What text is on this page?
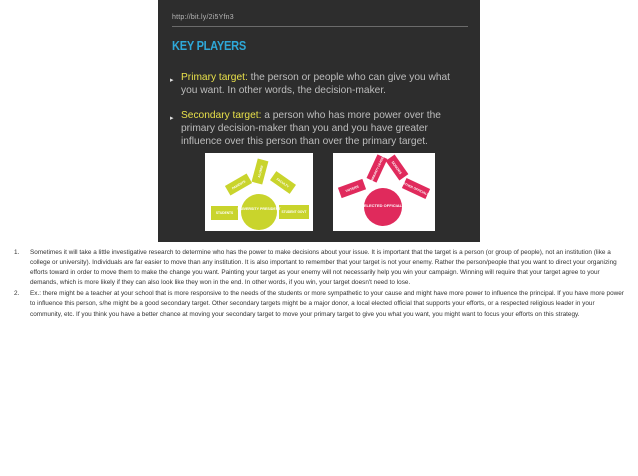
http://bit.ly/2i5Yfn3
KEY PLAYERS
▸ Primary target: the person or people who can give you what you want. In other words, the decision-maker.
▸ Secondary target: a person who has more power over the primary decision-maker than you and you have greater influence over this person than over the primary target.
UNIVERSITY PRESIDENT
PARENTS
ALUMNI
FACULTY
STUDENTS	STUDENT GOVT
ELECTED OFFICIAL
VOTERS
COMMUNITY LEADERS DONORS
OTHER OFFICIALS
1. Sometimes it will take a little investigative research to determine who has the power to make decisions about your issue. It is important that the target is a person (or group of people), not an institution (like a college or university). Individuals are far easier to move than any institution. It is also important to remember that your target is not your enemy. Rather the person/people that you want to direct your organizing efforts toward in order to move them to make the change you want. Painting your target as your enemy will not necessarily help you win your campaign. Winning will require that your target agree to your demands, which is more likely if they can also look like they won in the end. In other words, if you win, your target doesn't need to lose.
2. Ex.: there might be a teacher at your school that is more responsive to the needs of the students or more sympathetic to your cause and might have more power to influence the principal. If you have more power to influence this person, s/he might be a good secondary target. Other secondary targets might be a major donor, a local elected official that supports your efforts, or a respected religious leader in your community, etc. If you think you have a better chance at moving your secondary target to move your primary target to give you what you want, you might want to focus your efforts on this strategy.
